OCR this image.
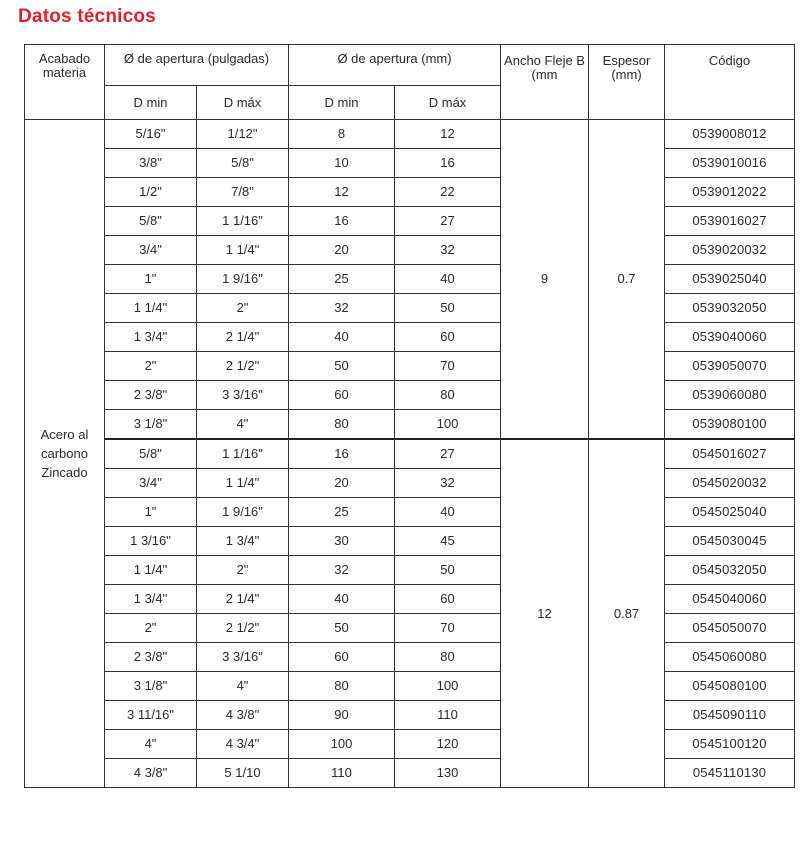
Datos técnicos
Acabado materia	Ø de apertura (pulgadas)		Ø de apertura (mm)		Ancho Fleje B (mm	Espesor (mm)	Código
	D min	D máx	D min	D máx			
Acero al carbono Zincado	5/16"	1/12"	8	12	9	0.7	0539008012
	3/8"	5/8"	10	16			0539010016
	1/2"	7/8"	12	22			0539012022
	5/8"	1 1/16"	16	27			0539016027
	3/4"	1 1/4"	20	32			0539020032
	1"	1 9/16"	25	40			0539025040
	1 1/4"	2"	32	50			0539032050
	1 3/4"	2 1/4"	40	60			0539040060
	2"	2 1/2"	50	70			0539050070
	2 3/8"	3 3/16"	60	80			0539060080
	3 1/8"	4"	80	100			0539080100
	5/8"	1 1/16"	16	27	12	0.87	0545016027
	3/4"	1 1/4"	20	32			0545020032
	1"	1 9/16"	25	40			0545025040
	1 3/16"	1 3/4"	30	45			0545030045
	1 1/4"	2"	32	50			0545032050
	1 3/4"	2 1/4"	40	60			0545040060
	2"	2 1/2"	50	70			0545050070
	2 3/8"	3 3/16"	60	80			0545060080
	3 1/8"	4"	80	100			0545080100
	3 11/16"	4 3/8"	90	110			0545090110
	4"	4 3/4"	100	120			0545100120
	4 3/8"	5 1/10	110	130			0545110130
